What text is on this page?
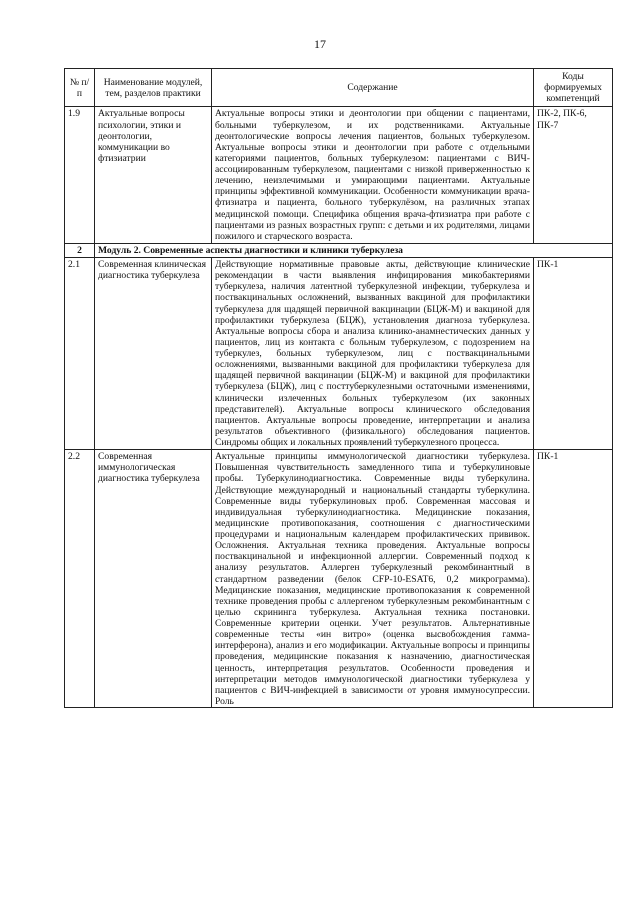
17
№ п/п	Наименование модулей, тем, разделов практики	Содержание	Коды формируемых компетенций
1.9	Актуальные вопросы психологии, этики и деонтологии, коммуникации во фтизиатрии	Актуальные вопросы этики и деонтологии при общении с пациентами, больными туберкулезом, и их родственниками. Актуальные деонтологические вопросы лечения пациентов, больных туберкулезом. Актуальные вопросы этики и деонтологии при работе с отдельными категориями пациентов, больных туберкулезом: пациентами с ВИЧ-ассоциированным туберкулезом, пациентами с низкой приверженностью к лечению, неизлечимыми и умирающими пациентами. Актуальные принципы эффективной коммуникации. Особенности коммуникации врача-фтизиатра и пациента, больного туберкулёзом, на различных этапах медицинской помощи. Специфика общения врача-фтизиатра при работе с пациентами из разных возрастных групп: с детьми и их родителями, лицами пожилого и старческого возраста.	ПК-2, ПК-6, ПК-7
2	Модуль 2. Современные аспекты диагностики и клиники туберкулеза		
2.1	Современная клиническая диагностика туберкулеза	Действующие нормативные правовые акты, действующие клинические рекомендации в части выявления инфицирования микобактериями туберкулеза, наличия латентной туберкулезной инфекции, туберкулеза и поствакцинальных осложнений, вызванных вакциной для профилактики туберкулеза для щадящей первичной вакцинации (БЦЖ-М) и вакциной для профилактики туберкулеза (БЦЖ), установления диагноза туберкулеза. Актуальные вопросы сбора и анализа клинико-анамнестических данных у пациентов, лиц из контакта с больным туберкулезом, с подозрением на туберкулез, больных туберкулезом, лиц с поствакцинальными осложнениями, вызванными вакциной для профилактики туберкулеза для щадящей первичной вакцинации (БЦЖ-М) и вакциной для профилактики туберкулеза (БЦЖ), лиц с посттуберкулезными остаточными изменениями, клинически излеченных больных туберкулезом (их законных представителей). Актуальные вопросы клинического обследования пациентов. Актуальные вопросы проведение, интерпретации и анализа результатов объективного (физикального) обследования пациентов. Синдромы общих и локальных проявлений туберкулезного процесса.	ПК-1
2.2	Современная иммунологическая диагностика туберкулеза	Актуальные принципы иммунологической диагностики туберкулеза. Повышенная чувствительность замедленного типа и туберкулиновые пробы. Туберкулинодиагностика. Современные виды туберкулина. Действующие международный и национальный стандарты туберкулина. Современные виды туберкулиновых проб. Современная массовая и индивидуальная туберкулинодиагностика. Медицинские показания, медицинские противопоказания, соотношения с диагностическими процедурами и национальным календарем профилактических прививок. Осложнения. Актуальная техника проведения. Актуальные вопросы поствакцинальной и инфекционной аллергии. Современный подход к анализу результатов. Аллерген туберкулезный рекомбинантный в стандартном разведении (белок CFP-10-ESAT6, 0,2 микрограмма). Медицинские показания, медицинские противопоказания к современной технике проведения пробы с аллергеном туберкулезным рекомбинантным с целью скрининга туберкулеза. Актуальная техника постановки. Современные критерии оценки. Учет результатов. Альтернативные современные тесты «ин витро» (оценка высвобождения гамма-интерферона), анализ и его модификации. Актуальные вопросы и принципы проведения, медицинские показания к назначению, диагностическая ценность, интерпретация результатов. Особенности проведения и интерпретации методов иммунологической диагностики туберкулеза у пациентов с ВИЧ-инфекцией в зависимости от уровня иммуносупрессии. Роль	ПК-1
